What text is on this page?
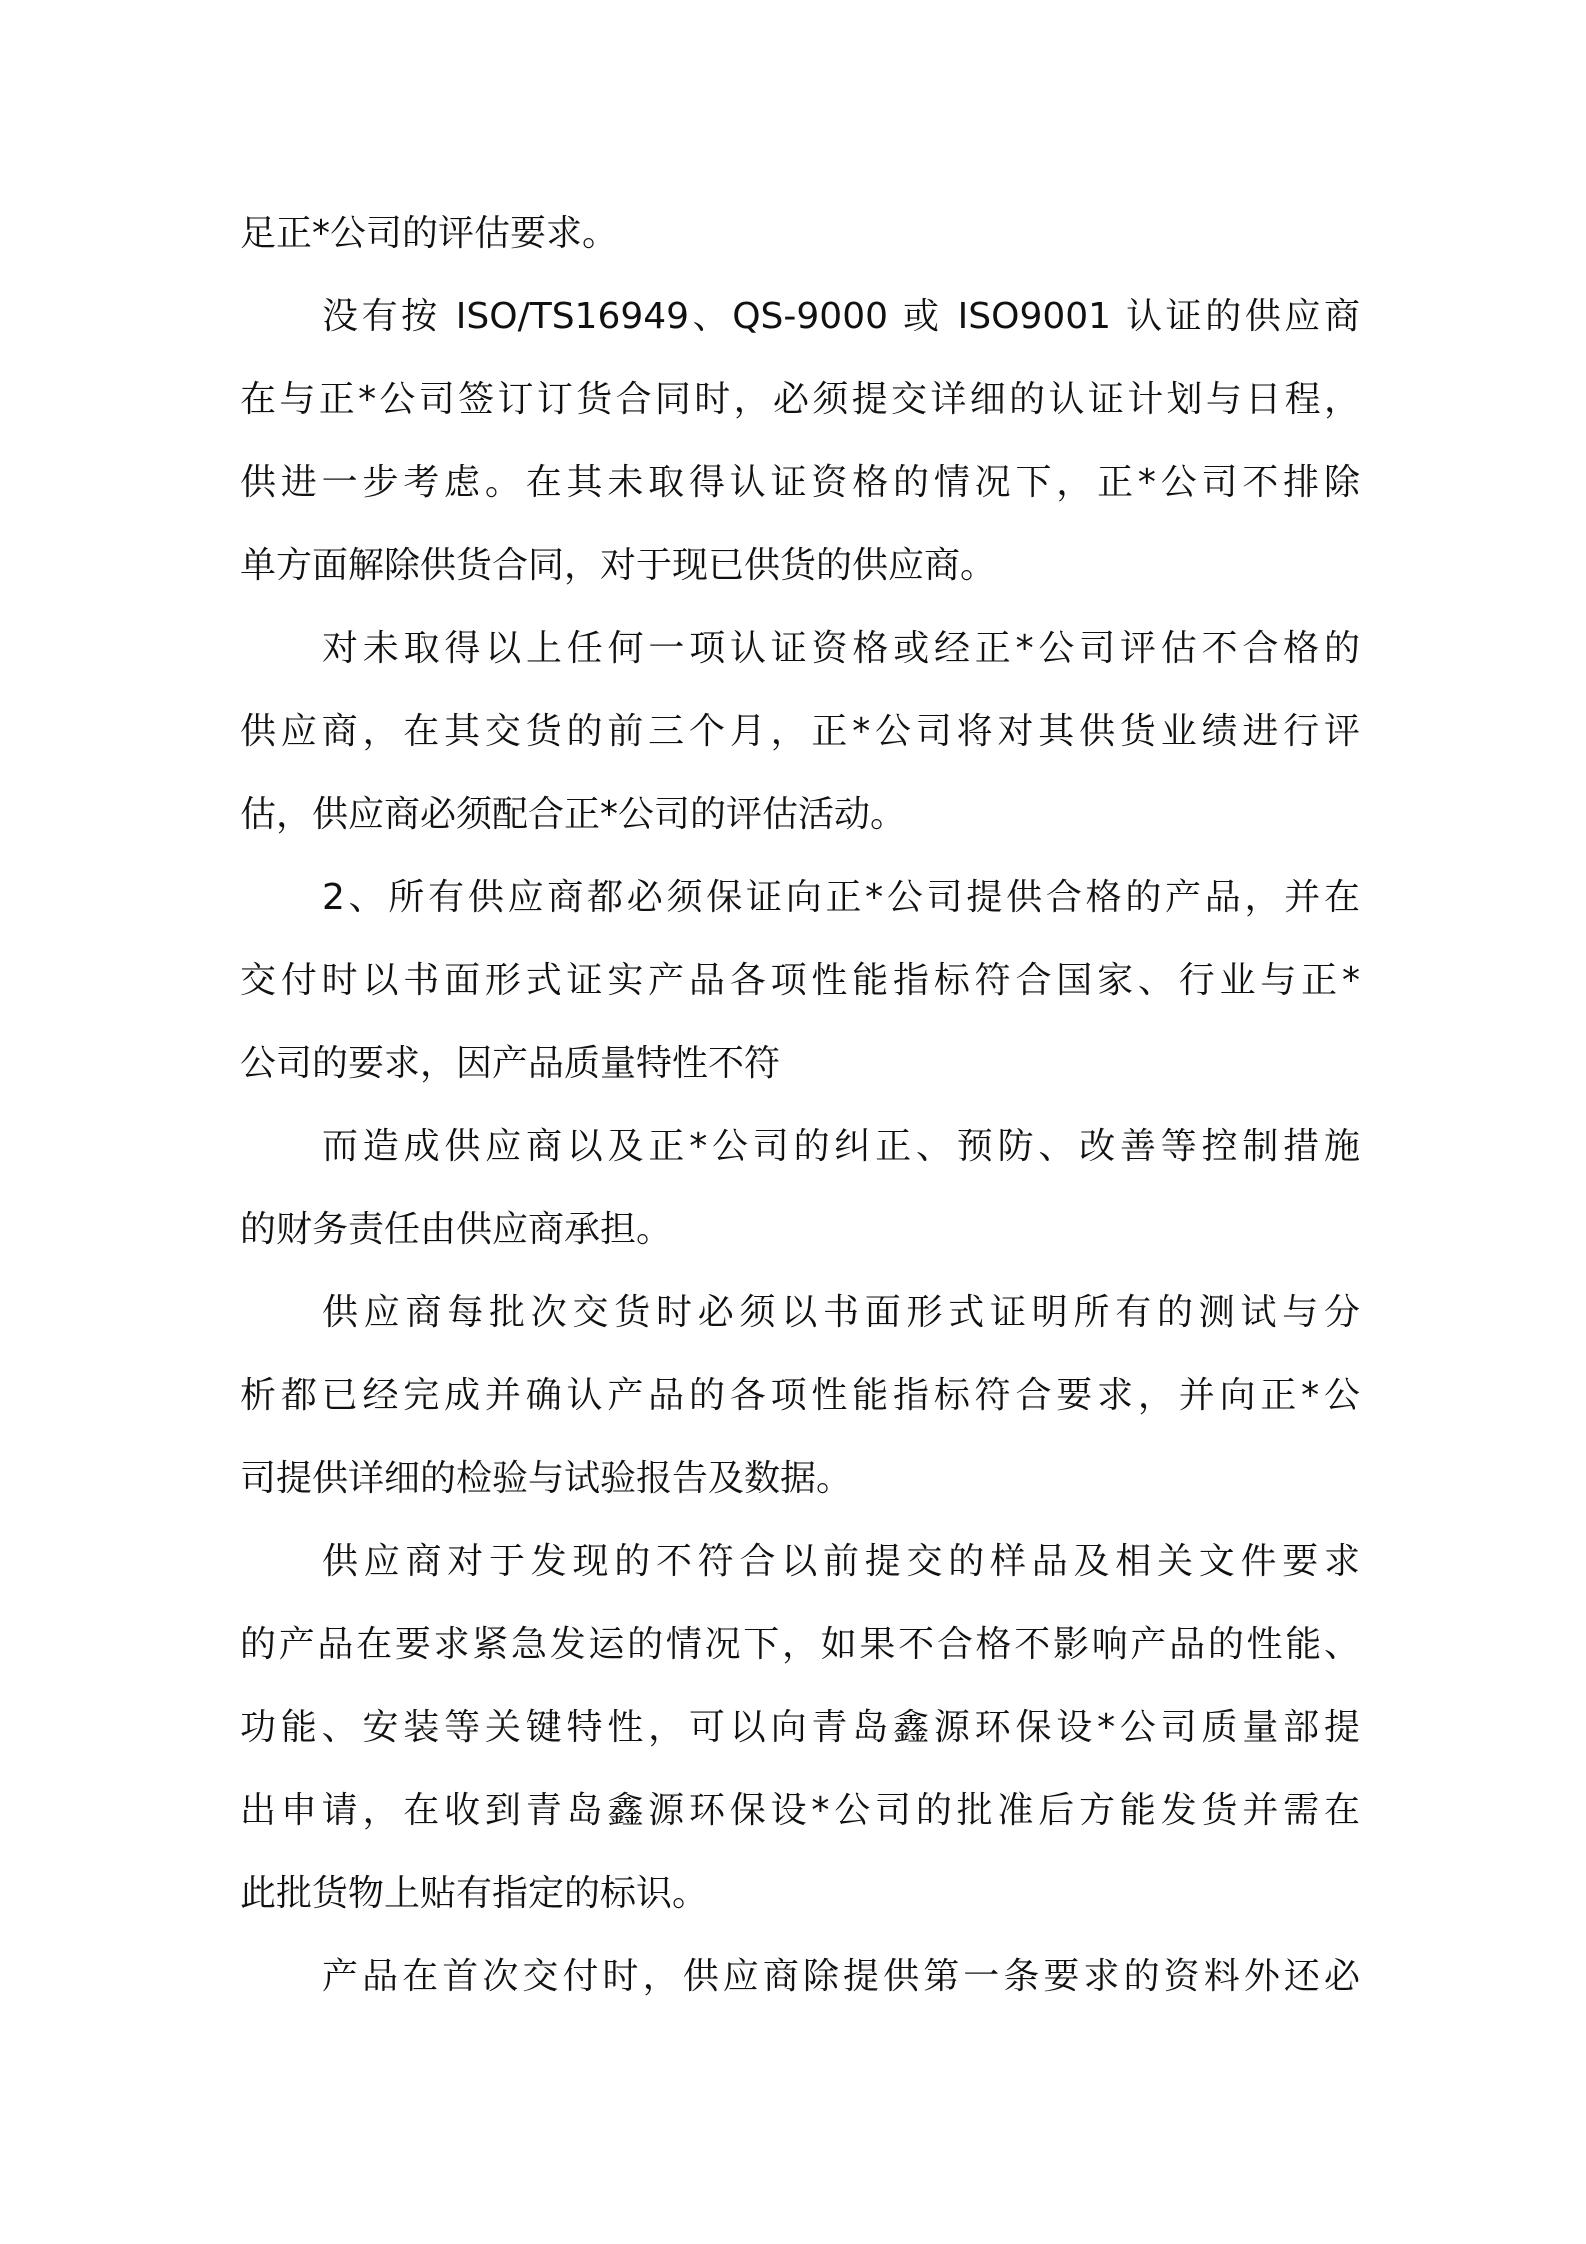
足正*公司的评估要求。
没有按 ISO/TS16949、QS-9000 或 ISO9001 认证的供应商
在与正*公司签订订货合同时，必须提交详细的认证计划与日程，
供进一步考虑。在其未取得认证资格的情况下，正*公司不排除
单方面解除供货合同，对于现已供货的供应商。
对未取得以上任何一项认证资格或经正*公司评估不合格的
供应商，在其交货的前三个月，正*公司将对其供货业绩进行评
估，供应商必须配合正*公司的评估活动。
2、所有供应商都必须保证向正*公司提供合格的产品，并在
交付时以书面形式证实产品各项性能指标符合国家、行业与正*
公司的要求，因产品质量特性不符
而造成供应商以及正*公司的纠正、预防、改善等控制措施
的财务责任由供应商承担。
供应商每批次交货时必须以书面形式证明所有的测试与分
析都已经完成并确认产品的各项性能指标符合要求，并向正*公
司提供详细的检验与试验报告及数据。
供应商对于发现的不符合以前提交的样品及相关文件要求
的产品在要求紧急发运的情况下，如果不合格不影响产品的性能、
功能、安装等关键特性，可以向青岛鑫源环保设*公司质量部提
出申请，在收到青岛鑫源环保设*公司的批准后方能发货并需在
此批货物上贴有指定的标识。
产品在首次交付时，供应商除提供第一条要求的资料外还必
